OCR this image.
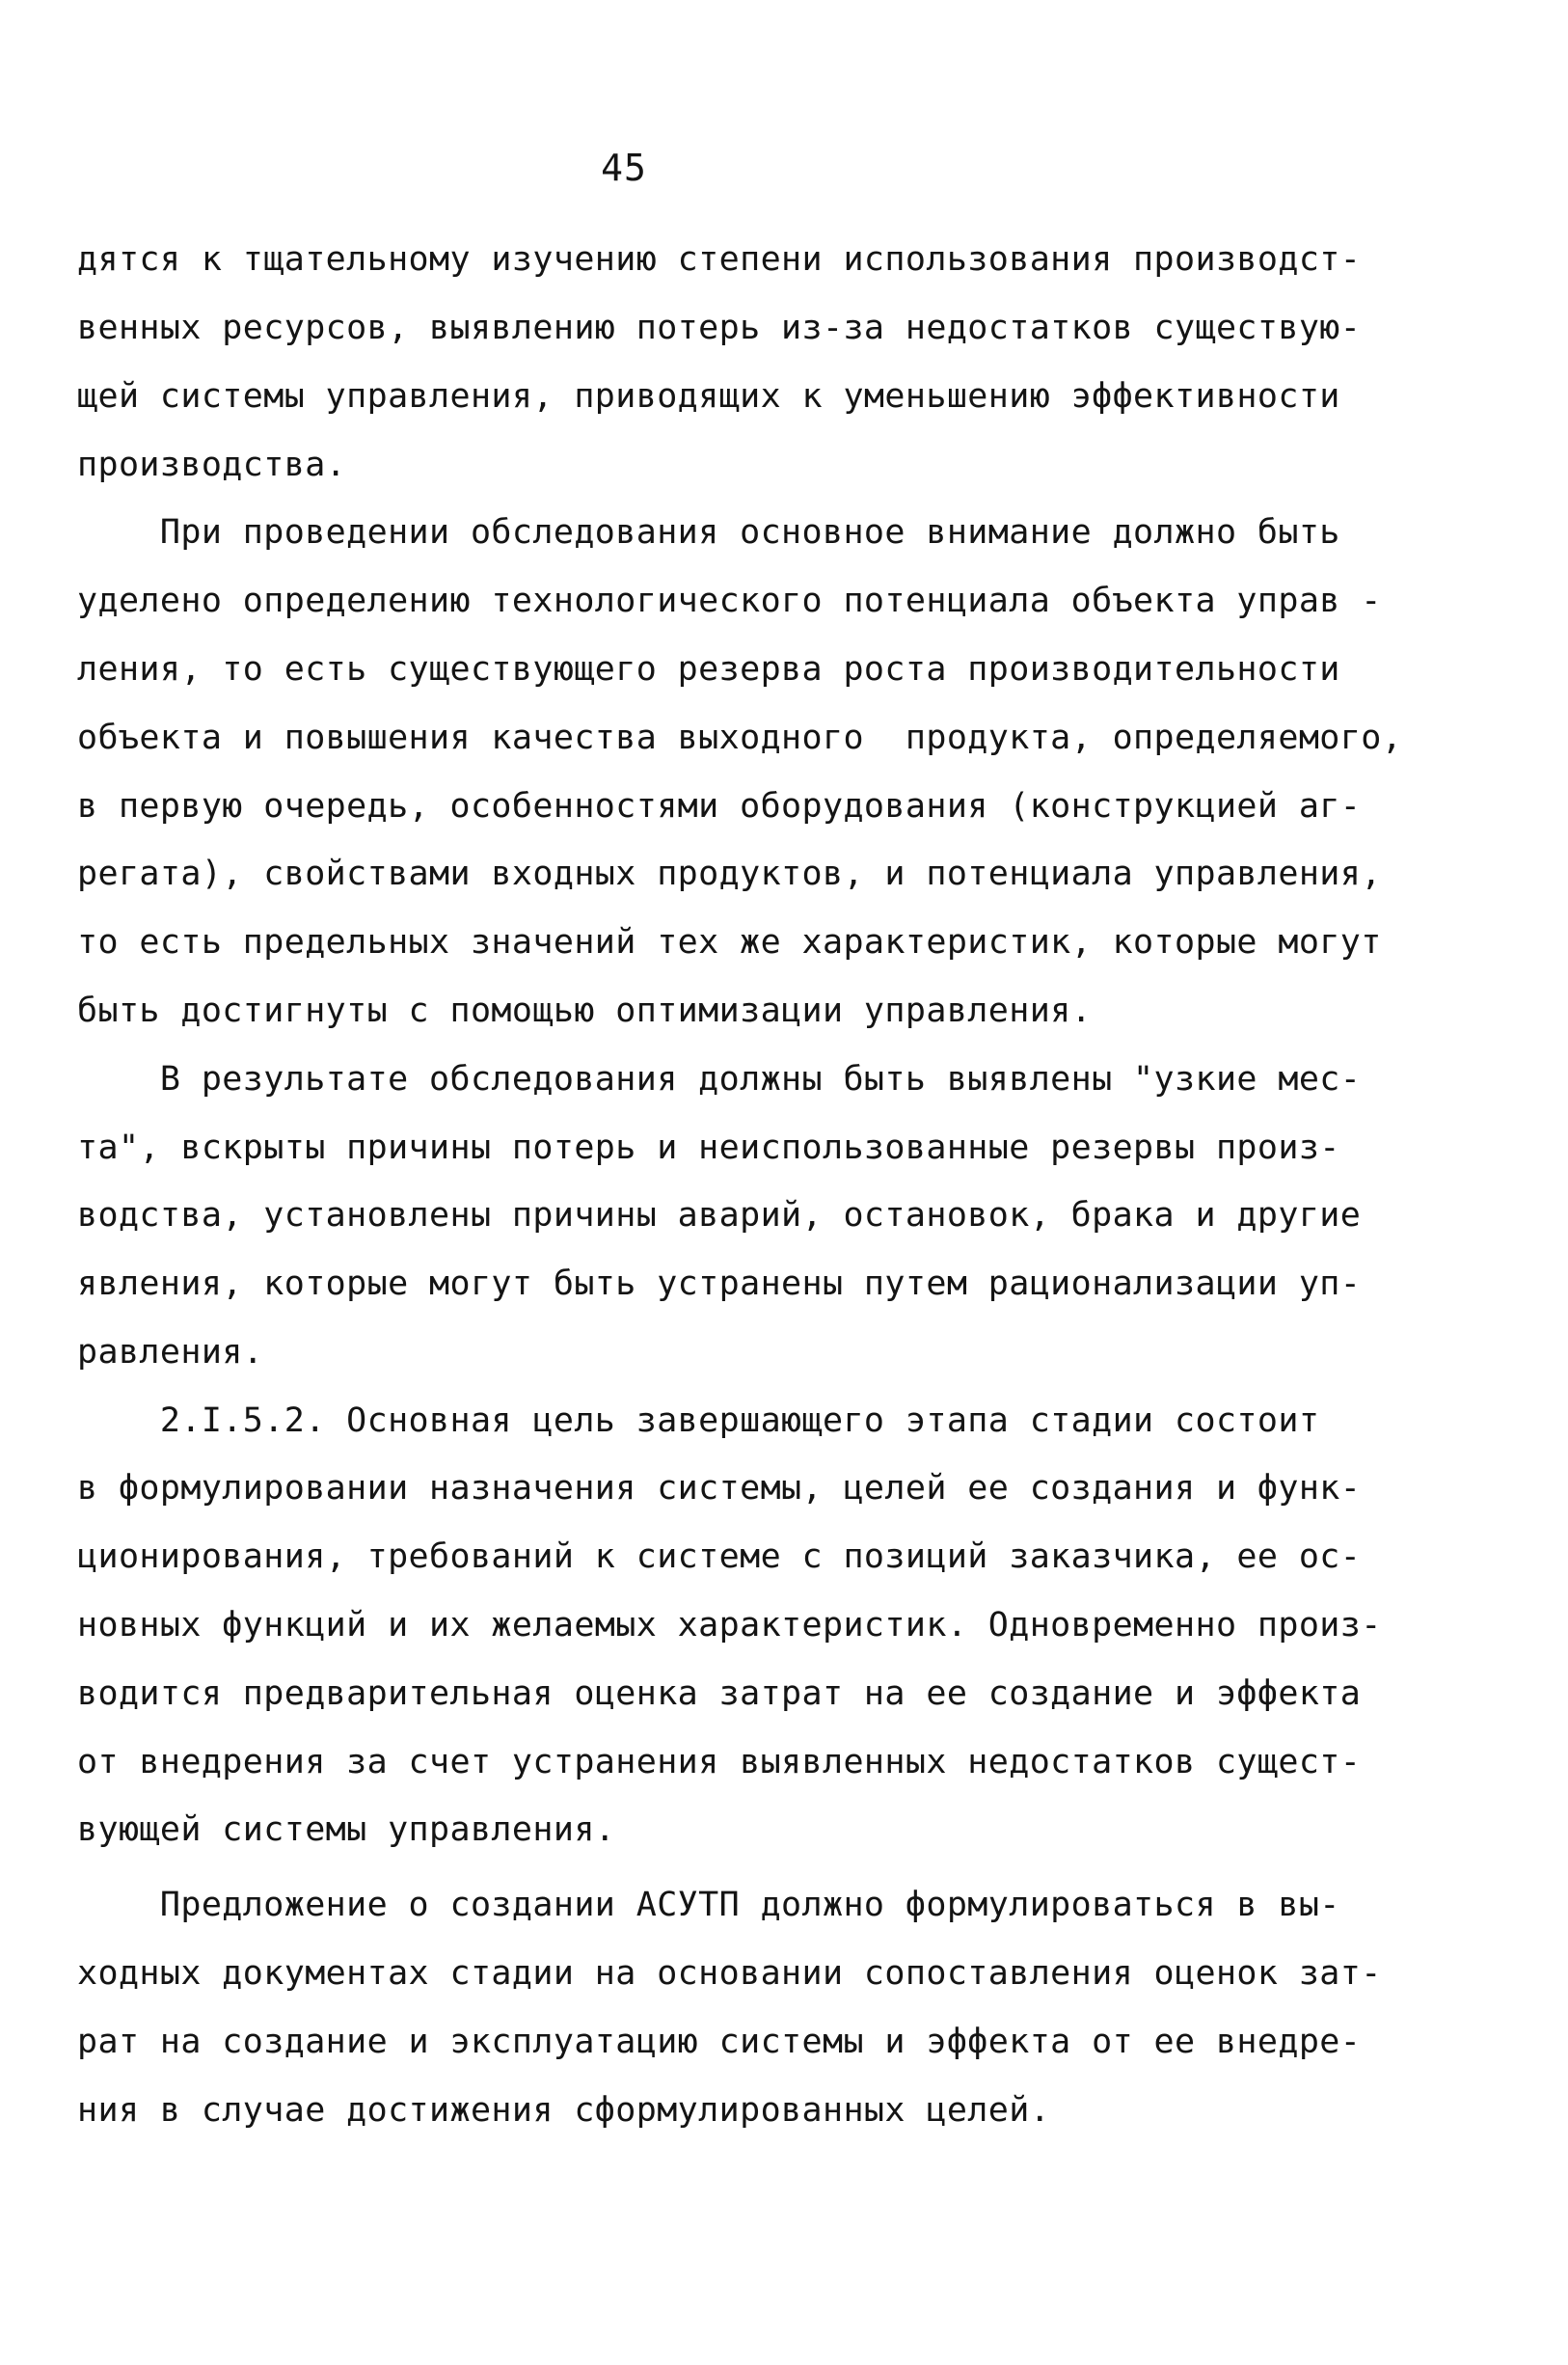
45
дятся к тщательному изучению степени использования производст-
венных ресурсов, выявлению потерь из-за недостатков существую-
щей системы управления, приводящих к уменьшению эффективности
производства.
При проведении обследования основное внимание должно быть
уделено определению технологического потенциала объекта управ -
ления, то есть существующего резерва роста производительности
объекта и повышения качества выходного  продукта, определяемого,
в первую очередь, особенностями оборудования (конструкцией аг-
регата), свойствами входных продуктов, и потенциала управления,
то есть предельных значений тех же характеристик, которые могут
быть достигнуты с помощью оптимизации управления.
В результате обследования должны быть выявлены "узкие мес-
та", вскрыты причины потерь и неиспользованные резервы произ-
водства, установлены причины аварий, остановок, брака и другие
явления, которые могут быть устранены путем рационализации уп-
равления.
2.I.5.2. Основная цель завершающего этапа стадии состоит
в формулировании назначения системы, целей ее создания и функ-
ционирования, требований к системе с позиций заказчика, ее ос-
новных функций и их желаемых характеристик. Одновременно произ-
водится предварительная оценка затрат на ее создание и эффекта
от внедрения за счет устранения выявленных недостатков сущест-
вующей системы управления.
Предложение о создании АСУТП должно формулироваться в вы-
ходных документах стадии на основании сопоставления оценок зат-
рат на создание и эксплуатацию системы и эффекта от ее внедре-
ния в случае достижения сформулированных целей.
